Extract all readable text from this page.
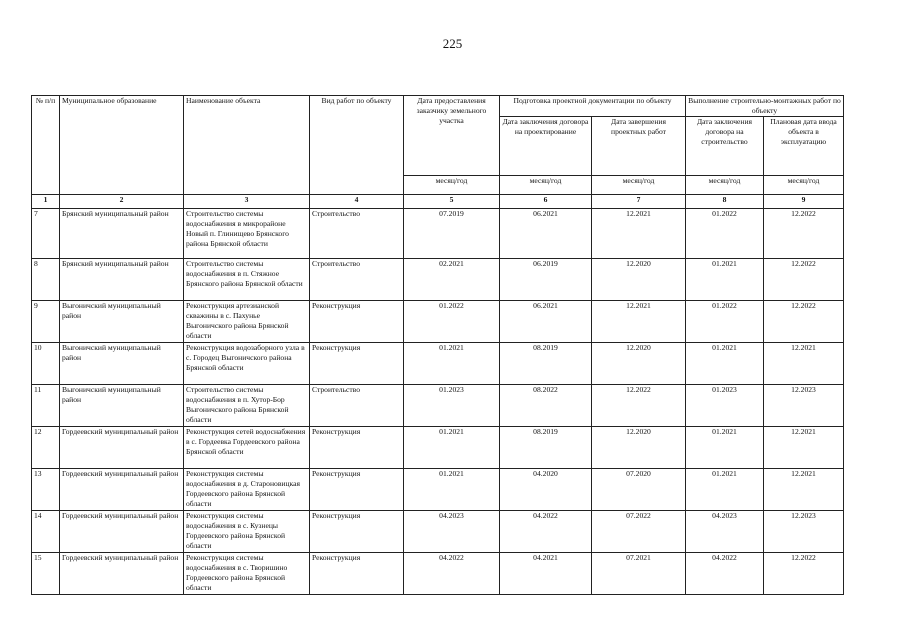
225
№ п/п	Муниципальное образование	Наименование объекта	Вид работ по объекту	Дата предоставления заказчику земельного участка	Подготовка проектной документации по объекту		Выполнение строительно-монтажных работ по объекту	
					Дата заключения договора на проектирование	Дата завершения проектных работ	Дата заключения договора на строительство	Плановая дата ввода объекта в эксплуатацию
				месяц/год	месяц/год	месяц/год	месяц/год	месяц/год
1	2	3	4	5	6	7	8	9
7	Брянский муниципальный район	Строительство системы водоснабжения в микрорайоне Новый п. Глинищево Брянского района Брянской области	Строительство	07.2019	06.2021	12.2021	01.2022	12.2022
8	Брянский муниципальный район	Строительство системы водоснабжения в п. Стяжное Брянского района Брянской области	Строительство	02.2021	06.2019	12.2020	01.2021	12.2022
9	Выгоничский муниципальный район	Реконструкция артезианской скважины в с. Пахунье Выгоничского района Брянской области	Реконструкция	01.2022	06.2021	12.2021	01.2022	12.2022
10	Выгоничский муниципальный район	Реконструкция водозаборного узла в с. Городец Выгоничского района Брянской области	Реконструкция	01.2021	08.2019	12.2020	01.2021	12.2021
11	Выгоничский муниципальный район	Строительство системы водоснабжения в п. Хутор-Бор Выгоничского района Брянской области	Строительство	01.2023	08.2022	12.2022	01.2023	12.2023
12	Гордеевский муниципальный район	Реконструкция сетей водоснабжения в с. Гордеевка Гордеевского района Брянской области	Реконструкция	01.2021	08.2019	12.2020	01.2021	12.2021
13	Гордеевский муниципальный район	Реконструкция системы водоснабжения в д. Староновицкая Гордеевского района Брянской области	Реконструкция	01.2021	04.2020	07.2020	01.2021	12.2021
14	Гордеевский муниципальный район	Реконструкция системы водоснабжения в с. Кузнецы Гордеевского района Брянской области	Реконструкция	04.2023	04.2022	07.2022	04.2023	12.2023
15	Гордеевский муниципальный район	Реконструкция системы водоснабжения в с. Творишино Гордеевского района Брянской области	Реконструкция	04.2022	04.2021	07.2021	04.2022	12.2022
